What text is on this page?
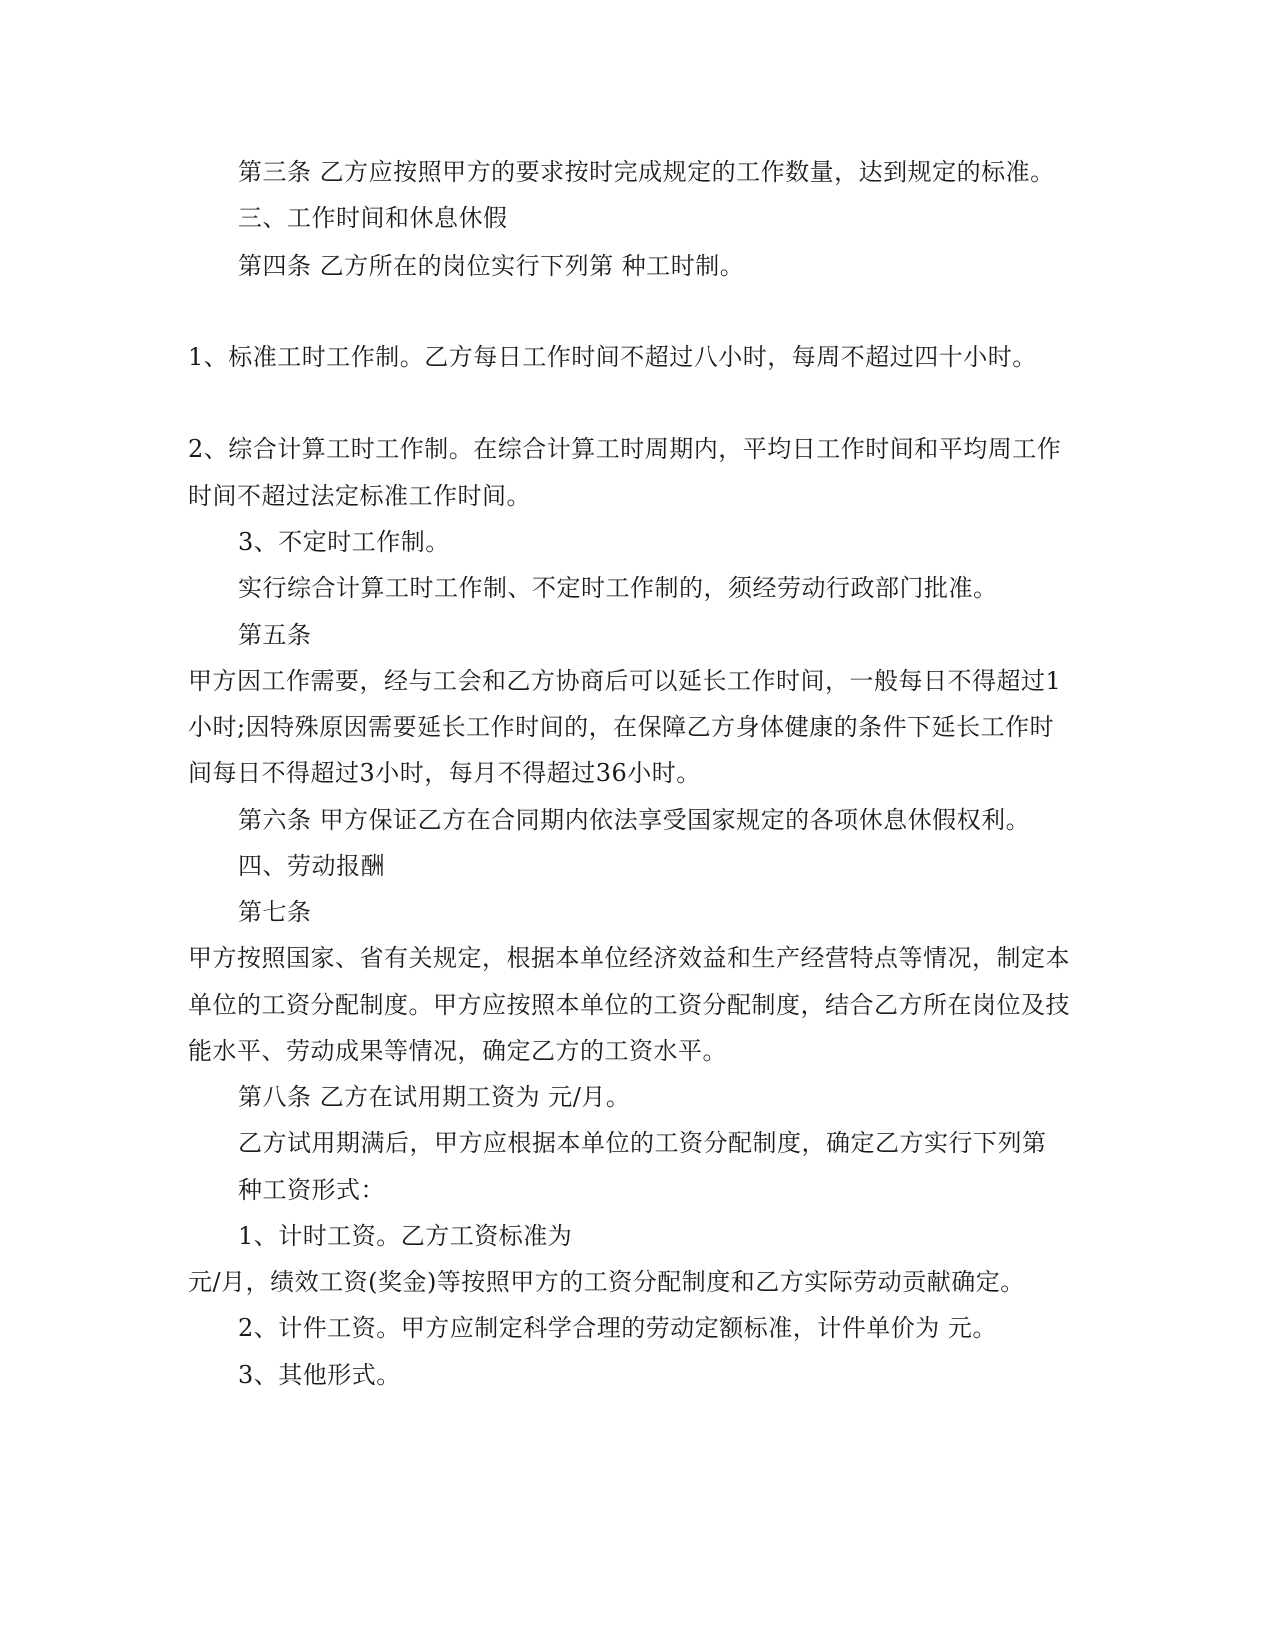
第三条 乙方应按照甲方的要求按时完成规定的工作数量，达到规定的标准。
三、工作时间和休息休假
第四条 乙方所在的岗位实行下列第 种工时制。
1、标准工时工作制。乙方每日工作时间不超过八小时，每周不超过四十小时。
2、综合计算工时工作制。在综合计算工时周期内，平均日工作时间和平均周工作
时间不超过法定标准工作时间。
3、不定时工作制。
实行综合计算工时工作制、不定时工作制的，须经劳动行政部门批准。
第五条
甲方因工作需要，经与工会和乙方协商后可以延长工作时间，一般每日不得超过1
小时;因特殊原因需要延长工作时间的，在保障乙方身体健康的条件下延长工作时
间每日不得超过3小时，每月不得超过36小时。
第六条 甲方保证乙方在合同期内依法享受国家规定的各项休息休假权利。
四、劳动报酬
第七条
甲方按照国家、省有关规定，根据本单位经济效益和生产经营特点等情况，制定本
单位的工资分配制度。甲方应按照本单位的工资分配制度，结合乙方所在岗位及技
能水平、劳动成果等情况，确定乙方的工资水平。
第八条 乙方在试用期工资为 元/月。
乙方试用期满后，甲方应根据本单位的工资分配制度，确定乙方实行下列第
种工资形式：
1、计时工资。乙方工资标准为
元/月，绩效工资(奖金)等按照甲方的工资分配制度和乙方实际劳动贡献确定。
2、计件工资。甲方应制定科学合理的劳动定额标准，计件单价为 元。
3、其他形式。
